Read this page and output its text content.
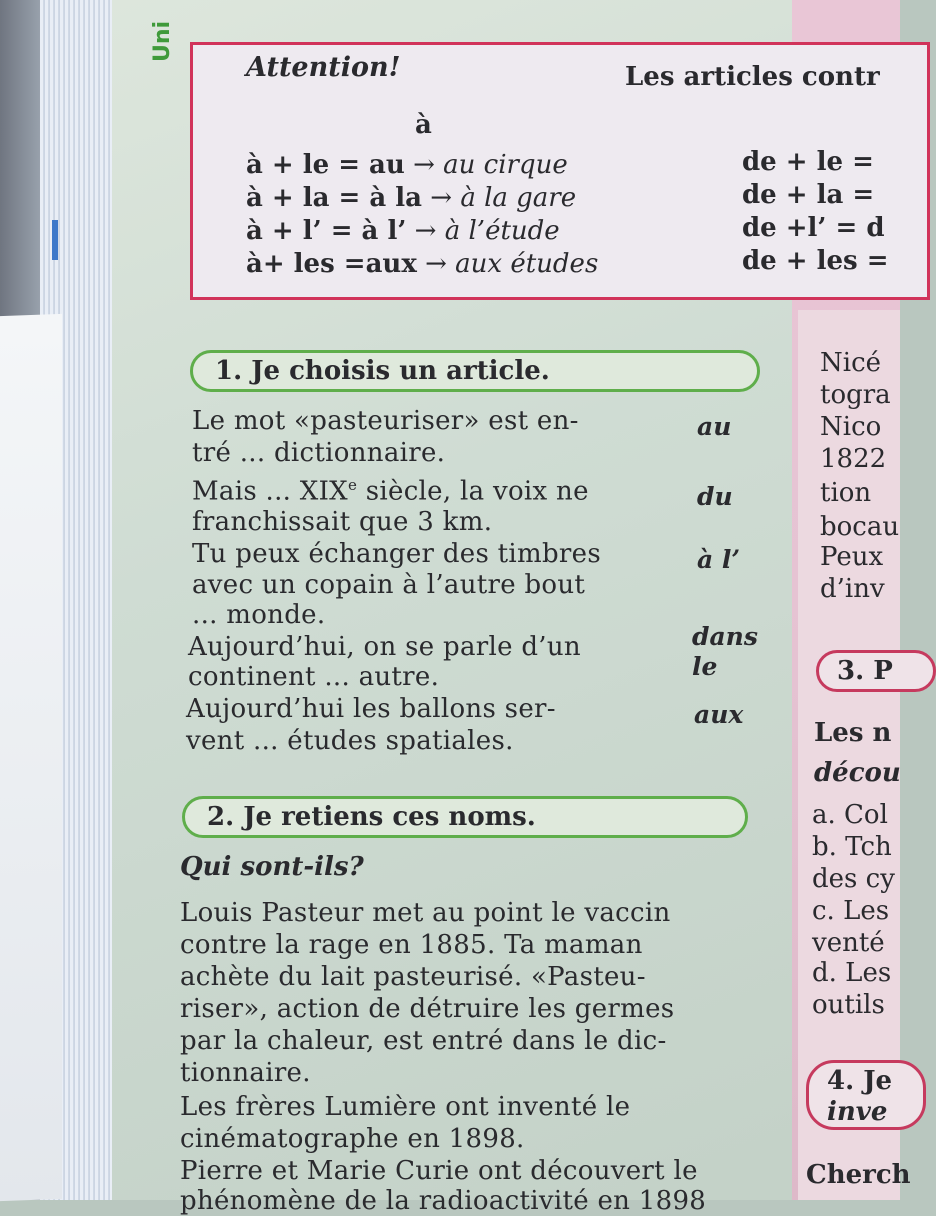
Uni
Attention!	Les articles contr
à
à + le = au → au cirque
à + la = à la → à la gare
à + l’ = à l’ → à l’étude
à+ les =aux → aux études
de + le =
de + la =
de +l’ = d
de + les =
1. Je choisis un article.
Le mot «pasteuriser» est en-
tré ... dictionnaire.
Mais ... XIXe siècle, la voix ne
franchissait que 3 km.
Tu peux échanger des timbres
avec un copain à l’autre bout
... monde.
Aujourd’hui, on se parle d’un
continent ... autre.
Aujourd’hui les ballons ser-
vent ... études spatiales.
au
du
à l’
dans
le
aux
2. Je retiens ces noms.
Qui sont-ils?
Louis Pasteur met au point le vaccin
contre la rage en 1885. Ta maman
achète du lait pasteurisé. «Pasteu-
riser», action de détruire les germes
par la chaleur, est entré dans le dic-
tionnaire.
Les frères Lumière ont inventé le
cinématographe en 1898.
Pierre et Marie Curie ont découvert le
phénomène de la radioactivité en 1898
Nicé
togra
Nico
1822
tion
bocau
Peux
d’inv
3. P
Les n
décou
a. Col
b. Tch
des cy
c. Les
venté
d. Les
outils
4. Je
inve
Cherch
